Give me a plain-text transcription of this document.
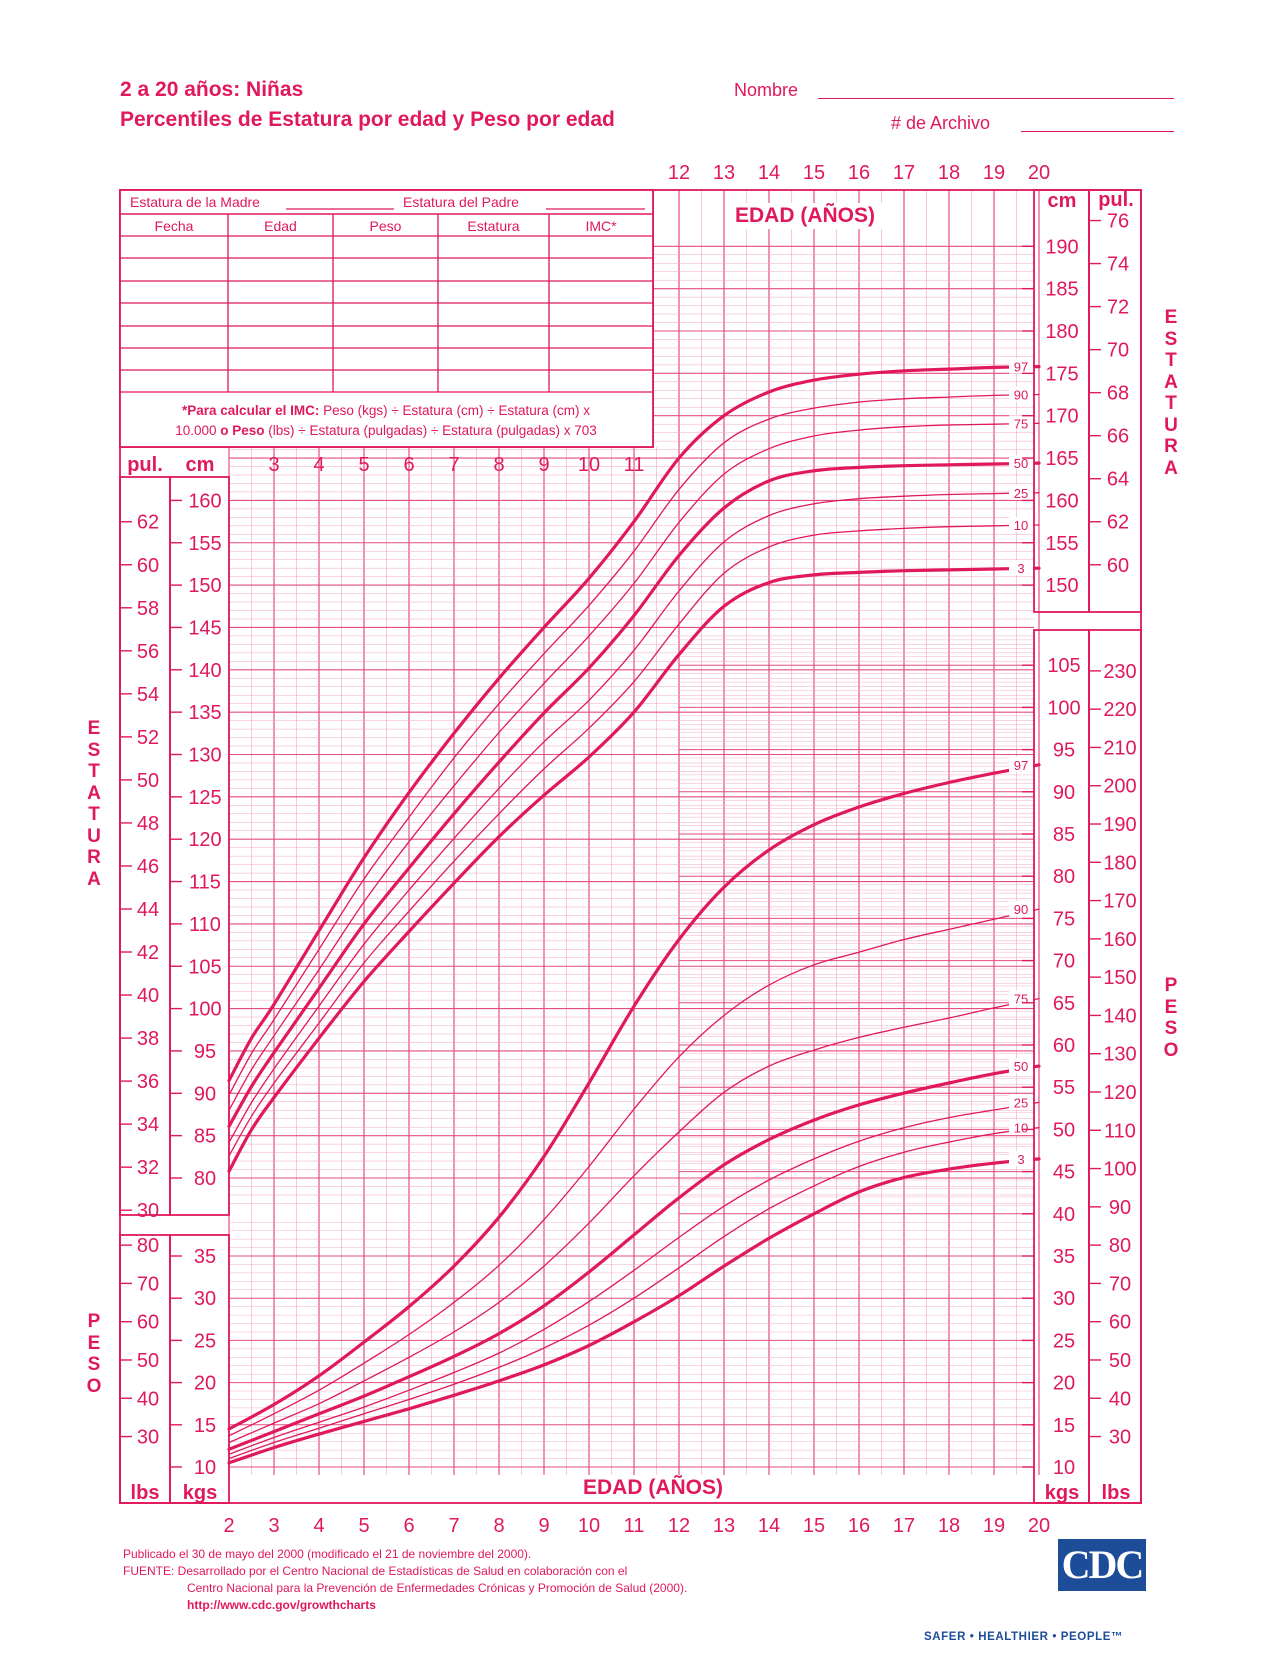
2 a 20 años: Niñas
Percentiles de Estatura por edad y Peso por edad
Nombre
# de Archivo
ESTATURA
PESO
ESTATURA
PESO
97
90
75
50
25
10
3
97
90
75
50
25
10
3
80
85
90
95
100
105
110
115
120
125
130
135
140
145
150
155
160
30
32
34
36
38
40
42
44
46
48
50
52
54
56
58
60
62
150
155
160
165
170
175
180
185
190
60
62
64
66
68
70
72
74
76
10
15
20
25
30
35
30
40
50
60
70
80
10
15
20
25
30
35
40
45
50
55
60
65
70
75
80
85
90
95
100
105
30
40
50
60
70
80
90
100
110
120
130
140
150
160
170
180
190
200
210
220
230
pul. cm
cm pul.
lbs kgs	kgs lbs
2 3 4 5 6 7 8 9 10 11 12 13 14 15 16 17 18 19 20
12 13 14 15 16 17 18 19 20
3 4 5 6 7 8 9 10 11
EDAD (AÑOS)
EDAD (AÑOS)
Estatura de la Madre	Estatura del Padre
Fecha	Edad	Peso	Estatura	IMC*
*Para calcular el IMC: Peso (kgs) ÷ Estatura (cm) ÷ Estatura (cm) x
10.000 o Peso (lbs) ÷ Estatura (pulgadas) ÷ Estatura (pulgadas) x 703
Publicado el 30 de mayo del 2000 (modificado el 21 de noviembre del 2000).
FUENTE: Desarrollado por el Centro Nacional de Estadísticas de Salud en colaboración con el
Centro Nacional para la Prevención de Enfermedades Crónicas y Promoción de Salud (2000).
http://www.cdc.gov/growthcharts
CDC
SAFER • HEALTHIER • PEOPLE™
